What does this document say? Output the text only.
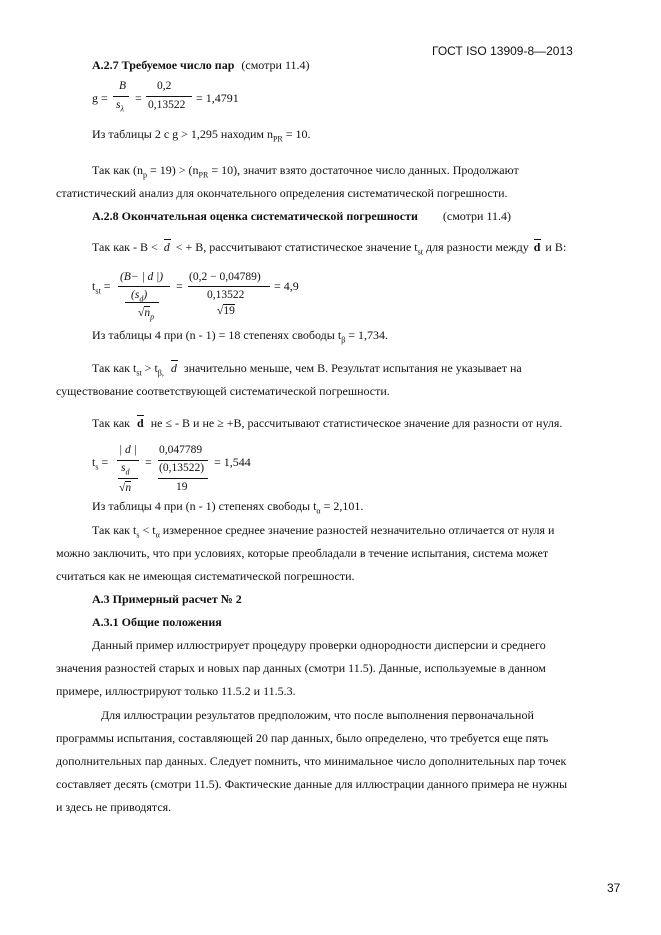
ГОСТ ISO 13909-8—2013
А.2.7 Требуемое число пар (смотри 11.4)
g =
B
$s_\lambda$
=
0,2
0,13522 = 1,4791
Из таблицы 2 с g > 1,295 находим $n_{PR} = 10$.
Так как $(n_p = 19) > (n_{PR} = 10)$, значит взято достаточное число данных. Продолжают
статистический анализ для окончательного определения систематической погрешности.
А.2.8 Окончательная оценка систематической погрешности (смотри 11.4)
Так как - B < d < + B, рассчитывают статистическое значение $t_{st}$ для разности между d и B:
$t_{st}$ =
(B− | d |)
$(s_d)$
$√n_p$
=
(0,2 − 0,04789)
0,13522
√19
= 4,9
Из таблицы 4 при (n - 1) = 18 степенях свободы $t_\beta = 1,734$.
Так как $t_{st} > t_{\beta,}$ d значительно меньше, чем B. Результат испытания не указывает на
существование соответствующей систематической погрешности.
Так как d не ≤ - B и не ≥ +B, рассчитывают статистическое значение для разности от нуля.
$t_s$ =
| d |
$s_d$
√n
=
0,047789
(0,13522)
19
= 1,544
Из таблицы 4 при (n - 1) степенях свободы $t_\alpha = 2,101$.
Так как $t_s < t_\alpha$ измеренное среднее значение разностей незначительно отличается от нуля и
можно заключить, что при условиях, которые преобладали в течение испытания, система может
считаться как не имеющая систематической погрешности.
А.3 Примерный расчет № 2
А.3.1 Общие положения
Данный пример иллюстрирует процедуру проверки однородности дисперсии и среднего
значения разностей старых и новых пар данных (смотри 11.5). Данные, используемые в данном
примере, иллюстрируют только 11.5.2 и 11.5.3.
Для иллюстрации результатов предположим, что после выполнения первоначальной
программы испытания, составляющей 20 пар данных, было определено, что требуется еще пять
дополнительных пар данных. Следует помнить, что минимальное число дополнительных пар точек
составляет десять (смотри 11.5). Фактические данные для иллюстрации данного примера не нужны
и здесь не приводятся.
37
